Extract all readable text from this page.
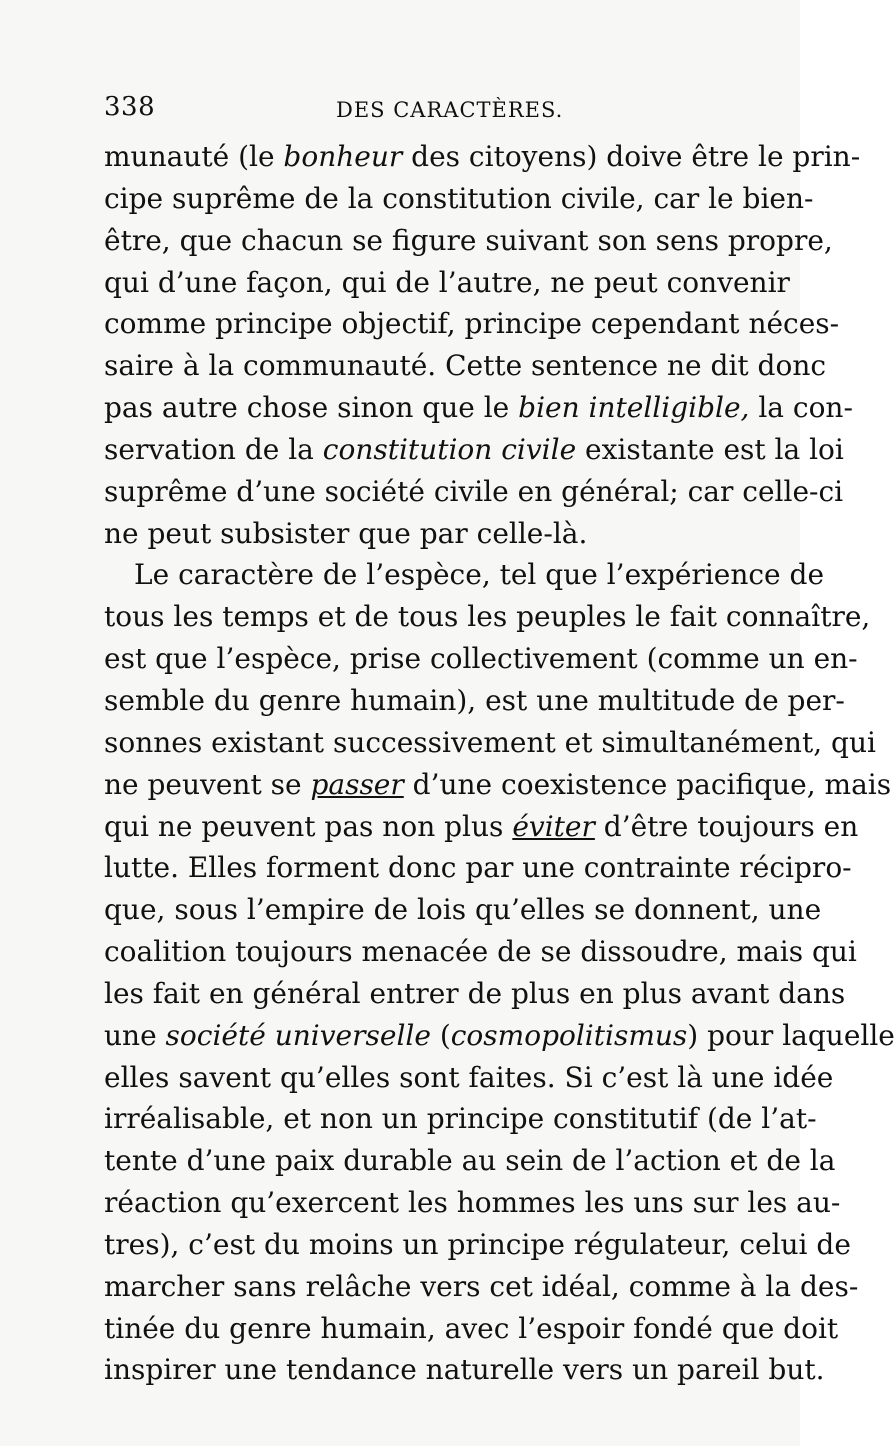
338	DES CARACTÈRES.
munauté (le bonheur des citoyens) doive être le prin-
cipe suprême de la constitution civile, car le bien-
être, que chacun se figure suivant son sens propre,
qui d’une façon, qui de l’autre, ne peut convenir
comme principe objectif, principe cependant néces-
saire à la communauté. Cette sentence ne dit donc
pas autre chose sinon que le bien intelligible, la con-
servation de la constitution civile existante est la loi
suprême d’une société civile en général; car celle-ci
ne peut subsister que par celle-là.
Le caractère de l’espèce, tel que l’expérience de
tous les temps et de tous les peuples le fait connaître,
est que l’espèce, prise collectivement (comme un en-
semble du genre humain), est une multitude de per-
sonnes existant successivement et simultanément, qui
ne peuvent se passer d’une coexistence pacifique, mais
qui ne peuvent pas non plus éviter d’être toujours en
lutte. Elles forment donc par une contrainte récipro-
que, sous l’empire de lois qu’elles se donnent, une
coalition toujours menacée de se dissoudre, mais qui
les fait en général entrer de plus en plus avant dans
une société universelle (cosmopolitismus) pour laquelle
elles savent qu’elles sont faites. Si c’est là une idée
irréalisable, et non un principe constitutif (de l’at-
tente d’une paix durable au sein de l’action et de la
réaction qu’exercent les hommes les uns sur les au-
tres), c’est du moins un principe régulateur, celui de
marcher sans relâche vers cet idéal, comme à la des-
tinée du genre humain, avec l’espoir fondé que doit
inspirer une tendance naturelle vers un pareil but.
